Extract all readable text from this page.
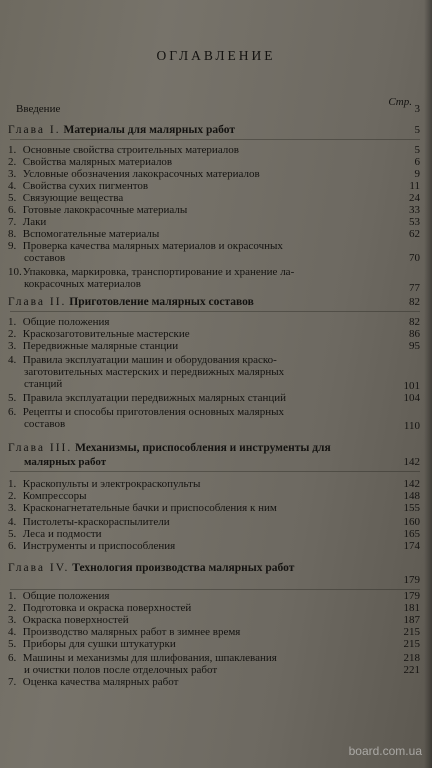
ОГЛАВЛЕНИЕ
Стр.
Введение	3
Глава I. Материалы для малярных работ	5
1. Основные свойства строительных материалов	5
2. Свойства малярных материалов	6
3. Условные обозначения лакокрасочных материалов	9
4. Свойства сухих пигментов	11
5. Связующие вещества	24
6. Готовые лакокрасочные материалы	33
7. Лаки	53
8. Вспомогательные материалы	62
9. Проверка качества малярных материалов и окрасочных
составов	70
10. Упаковка, маркировка, транспортирование и хранение ла-
кокрасочных материалов	77
Глава II. Приготовление малярных составов	82
1. Общие положения	82
2. Краскозаготовительные мастерские	86
3. Передвижные малярные станции	95
4. Правила эксплуатации машин и оборудования краско-
заготовительных мастерских и передвижных малярных
станций	101
5. Правила эксплуатации передвижных малярных станций	104
6. Рецепты и способы приготовления основных малярных
составов	110
Глава III. Механизмы, приспособления и инструменты для
малярных работ	142
1. Краскопульты и электрокраскопульты	142
2. Компрессоры	148
3. Красконагнетательные бачки и приспособления к ним	155
4. Пистолеты-краскораспылители	160
5. Леса и подмости	165
6. Инструменты и приспособления	174
Глава IV. Технология производства малярных работ
179
1. Общие положения	179
2. Подготовка и окраска поверхностей	181
3. Окраска поверхностей	187
4. Производство малярных работ в зимнее время	215
5. Приборы для сушки штукатурки	215
6. Машины и механизмы для шлифования, шпаклевания	218
и очистки полов после отделочных работ	221
7. Оценка качества малярных работ
board.com.ua
